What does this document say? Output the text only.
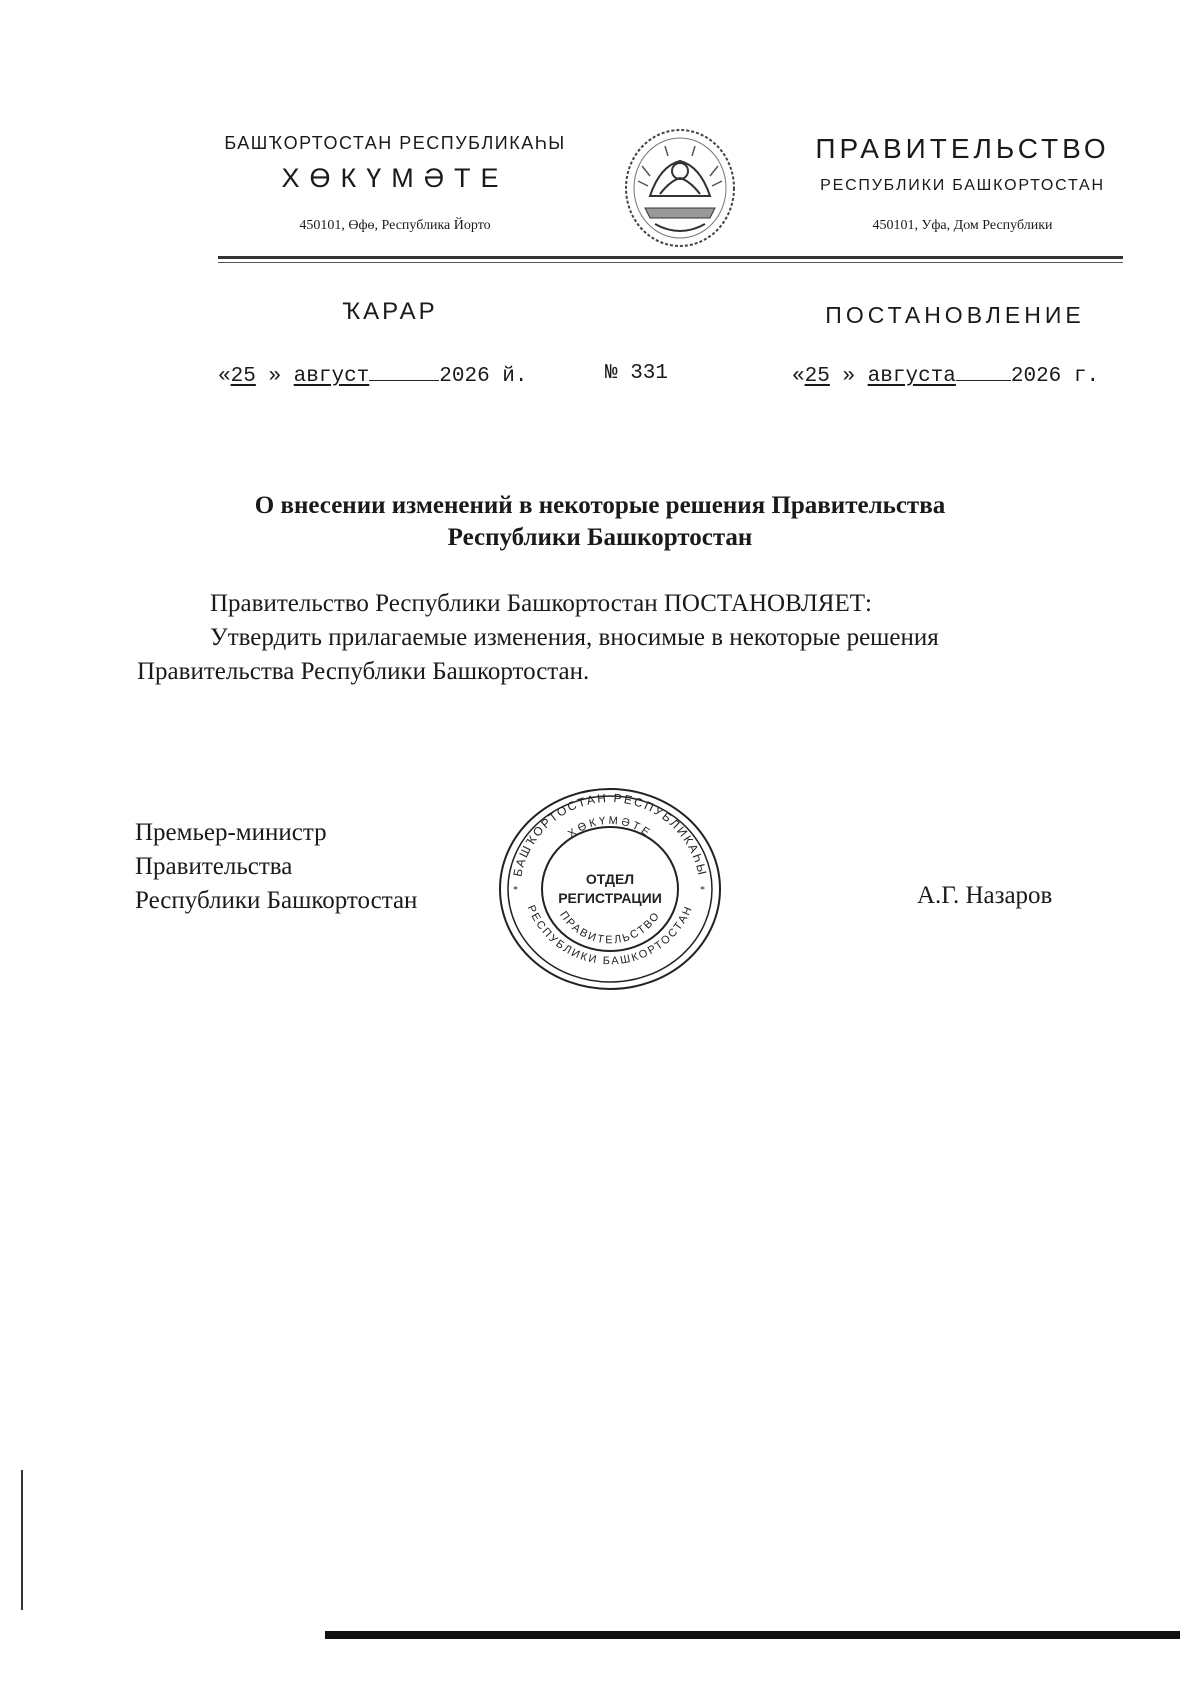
БАШҠОРТОСТАН РЕСПУБЛИКАҺЫ
ХӨКҮМӘТЕ
450101, Өфө, Республика Йорто
ПРАВИТЕЛЬСТВО
РЕСПУБЛИКИ БАШКОРТОСТАН
450101, Уфа, Дом Республики
ҠАРАР	ПОСТАНОВЛЕНИЕ
«25 » август	2026 й.	№ 331	«25 » августа	2026 г.
О внесении изменений в некоторые решения Правительства
Республики Башкортостан
Правительство Республики Башкортостан ПОСТАНОВЛЯЕТ:
Утвердить прилагаемые изменения, вносимые в некоторые решения
Правительства Республики Башкортостан.
Премьер-министр
Правительства
Республики Башкортостан	А.Г. Назаров
БАШҠОРТОСТАН РЕСПУБЛИКАҺЫ
ХӨКҮМӘТЕ
РЕСПУБЛИКИ БАШКОРТОСТАН
ПРАВИТЕЛЬСТВО
ОТДЕЛ
РЕГИСТРАЦИИ
*	*
